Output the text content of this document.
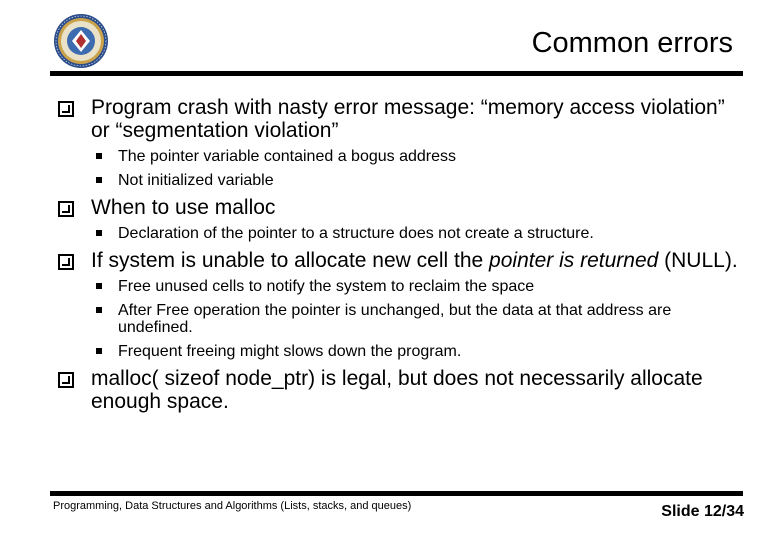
Common errors
Program crash with nasty error message: “memory access violation” or “segmentation violation”
The pointer variable contained a bogus address
Not initialized variable
When to use malloc
Declaration of the pointer to a structure does not create a structure.
If system is unable to allocate new cell the pointer is returned (NULL).
Free unused cells to notify the system to reclaim the space
After Free operation the pointer is unchanged, but the data at that address are undefined.
Frequent freeing might slows down the program.
malloc( sizeof node_ptr) is legal, but does not necessarily allocate enough space.
Programming, Data Structures and Algorithms (Lists, stacks, and queues)	Slide 12/34
